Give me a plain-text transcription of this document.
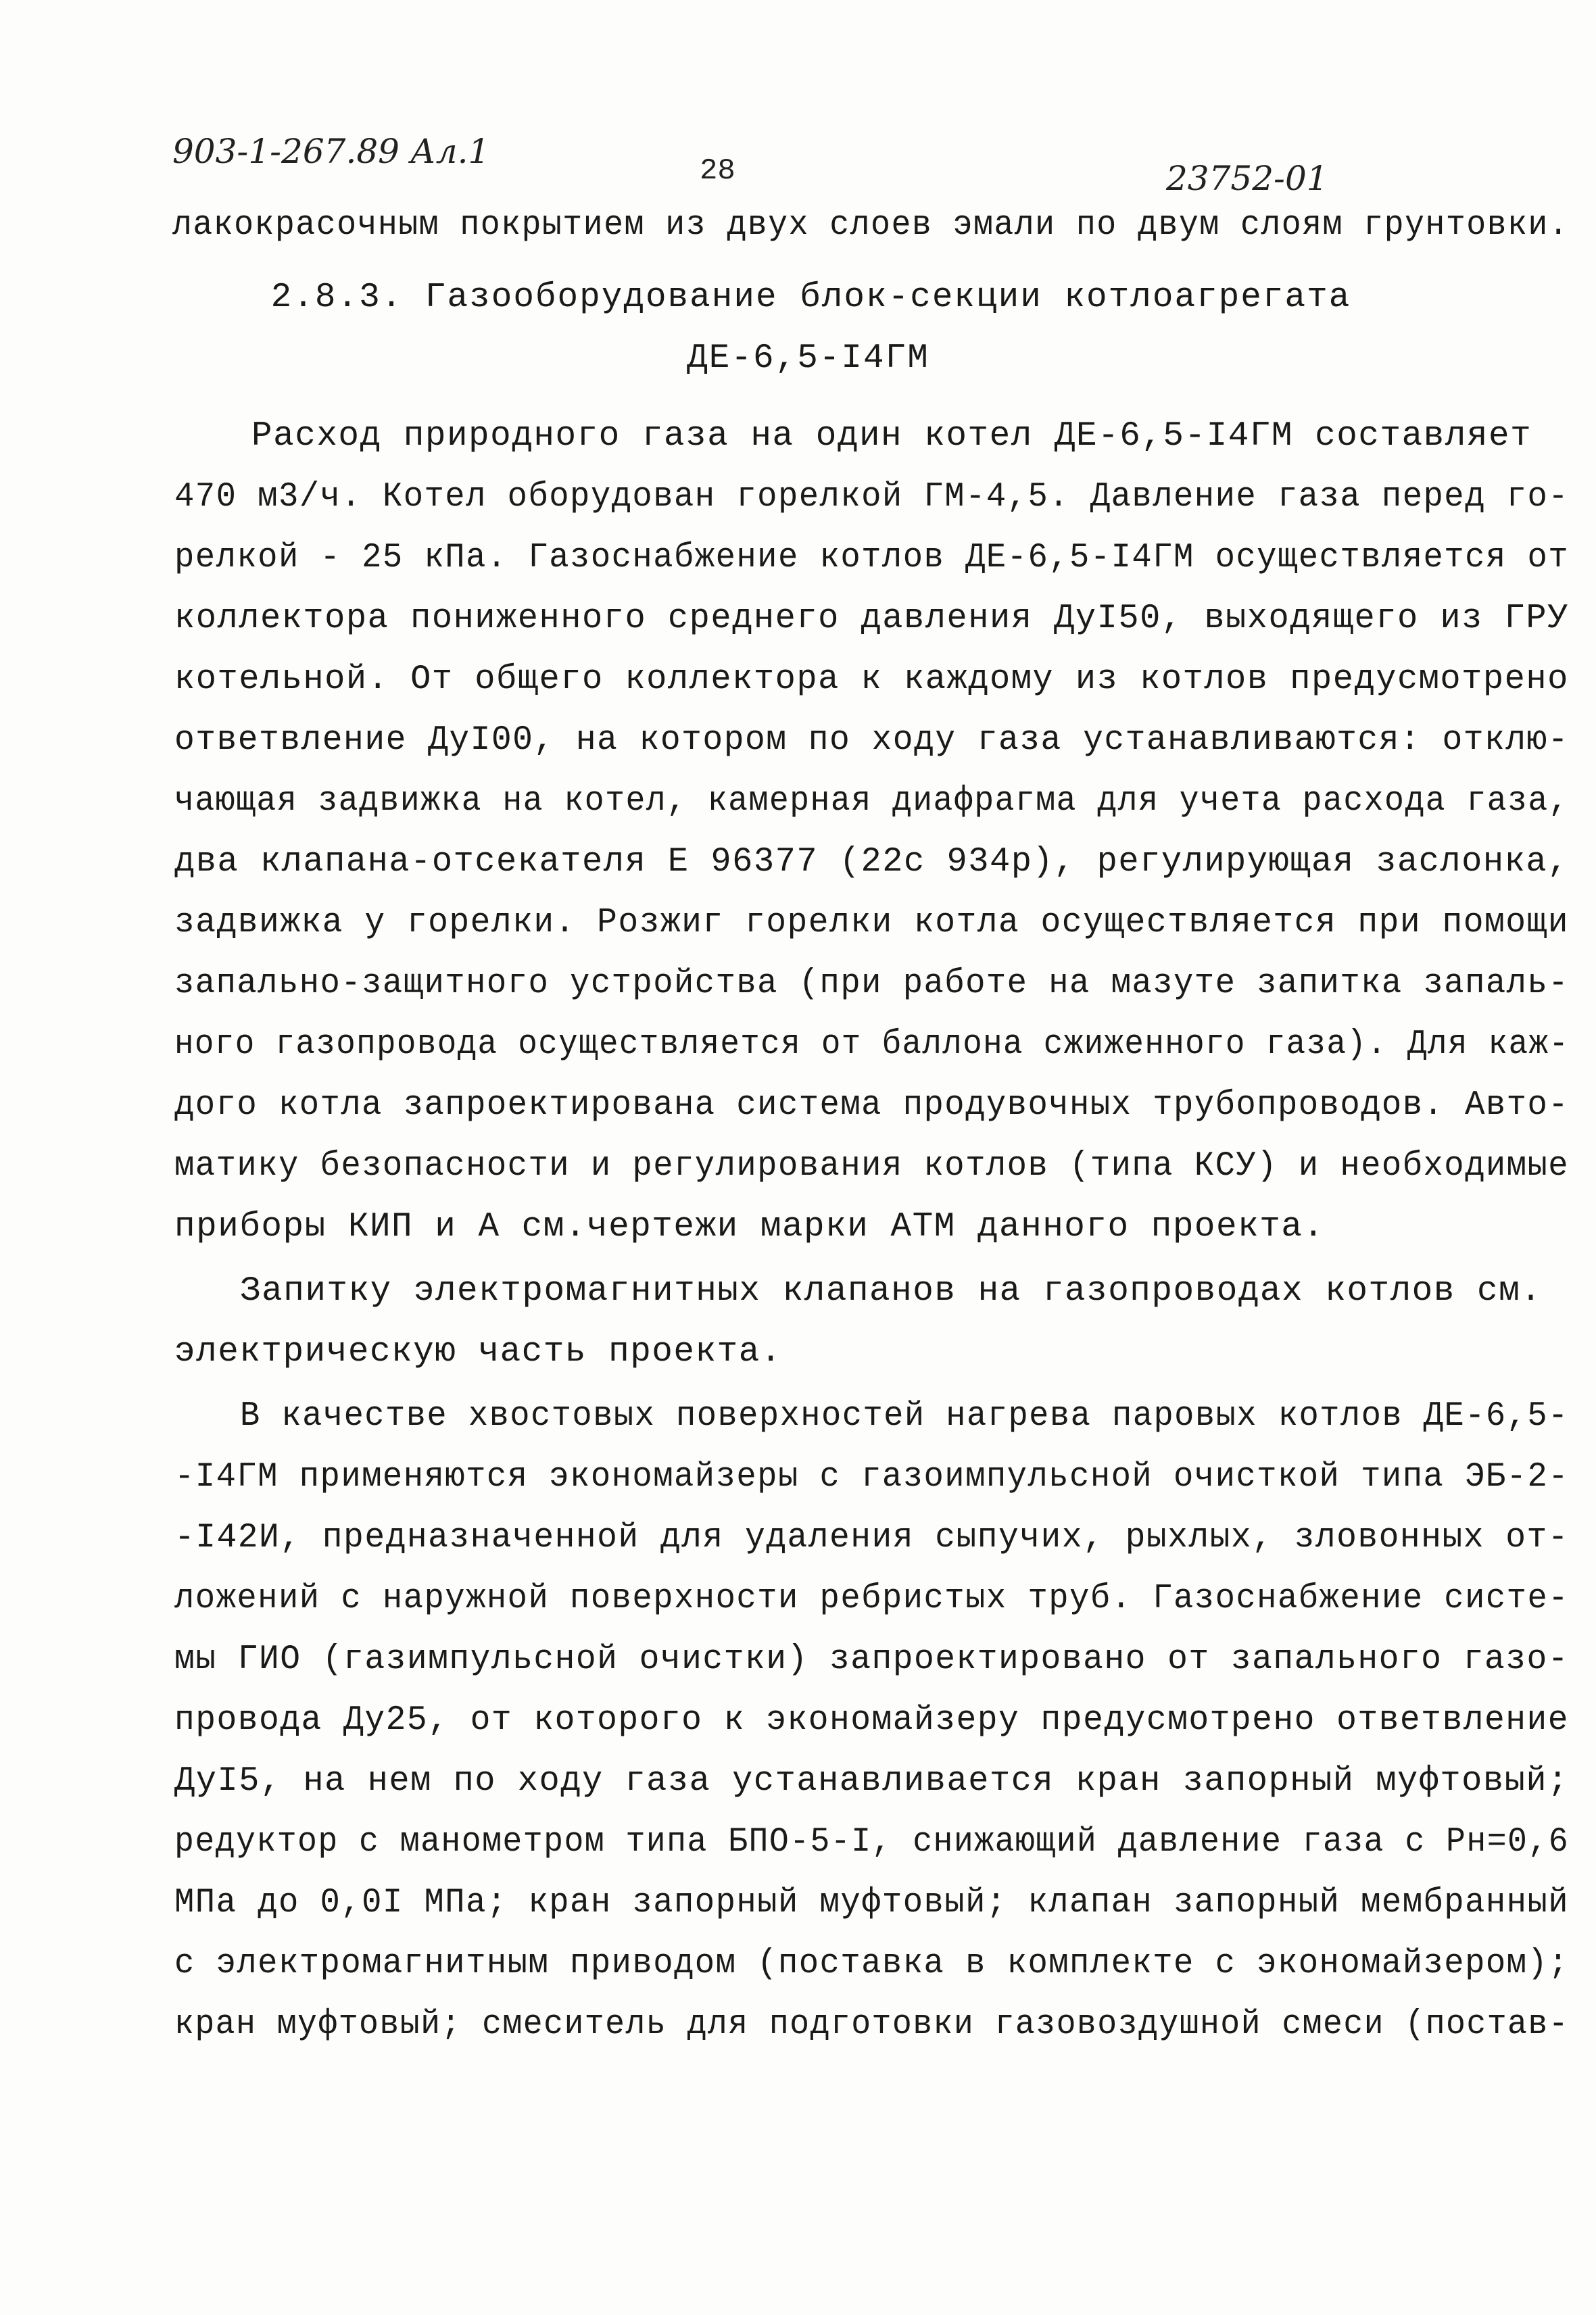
903-1-267.89 Ал.1	28	23752-01
лакокрасочным покрытием из двух слоев эмали по двум слоям грунтовки.
2.8.3. Газооборудование блок-секции котлоагрегата
ДЕ-6,5-I4ГМ
Расход природного газа на один котел ДЕ-6,5-I4ГМ составляет
470 м3/ч. Котел оборудован горелкой ГМ-4,5. Давление газа перед го-
релкой - 25 кПа. Газоснабжение котлов ДЕ-6,5-I4ГМ осуществляется от
коллектора пониженного среднего давления ДуI50, выходящего из ГРУ
котельной. От общего коллектора к каждому из котлов предусмотрено
ответвление ДуI00, на котором по ходу газа устанавливаются: отклю-
чающая задвижка на котел, камерная диафрагма для учета расхода газа,
два клапана-отсекателя Е 96377 (22с 934р), регулирующая заслонка,
задвижка у горелки. Розжиг горелки котла осуществляется при помощи
запально-защитного устройства (при работе на мазуте запитка запаль-
ного газопровода осуществляется от баллона сжиженного газа). Для каж-
дого котла запроектирована система продувочных трубопроводов. Авто-
матику безопасности и регулирования котлов (типа КСУ) и необходимые
приборы КИП и А см.чертежи марки АТМ данного проекта.
Запитку электромагнитных клапанов на газопроводах котлов см.
электрическую часть проекта.
В качестве хвостовых поверхностей нагрева паровых котлов ДЕ-6,5-
-I4ГМ применяются экономайзеры с газоимпульсной очисткой типа ЭБ-2-
-I42И, предназначенной для удаления сыпучих, рыхлых, зловонных от-
ложений с наружной поверхности ребристых труб. Газоснабжение систе-
мы ГИО (газимпульсной очистки) запроектировано от запального газо-
провода Ду25, от которого к экономайзеру предусмотрено ответвление
ДуI5, на нем по ходу газа устанавливается кран запорный муфтовый;
редуктор с манометром типа БПО-5-I, снижающий давление газа с Рн=0,6
МПа до 0,0I МПа; кран запорный муфтовый; клапан запорный мембранный
с электромагнитным приводом (поставка в комплекте с экономайзером);
кран муфтовый; смеситель для подготовки газовоздушной смеси (постав-
